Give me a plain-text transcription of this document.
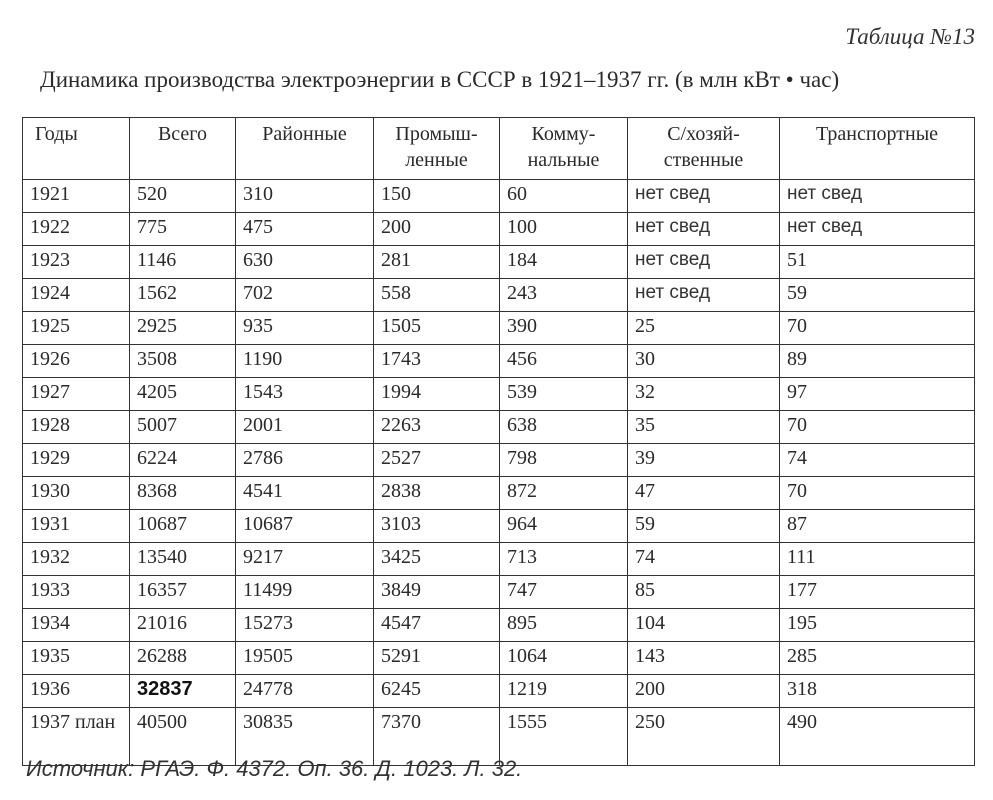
Таблица №13
Динамика производства электроэнергии в СССР в 1921–1937 гг. (в млн кВт • час)
Годы	Всего	Районные	Промыш-ленные	Комму-нальные	С/хозяй-ственные	Транспортные
1921	520	310	150	60	нет свед	нет свед
1922	775	475	200	100	нет свед	нет свед
1923	1146	630	281	184	нет свед	51
1924	1562	702	558	243	нет свед	59
1925	2925	935	1505	390	25	70
1926	3508	1190	1743	456	30	89
1927	4205	1543	1994	539	32	97
1928	5007	2001	2263	638	35	70
1929	6224	2786	2527	798	39	74
1930	8368	4541	2838	872	47	70
1931	10687	10687	3103	964	59	87
1932	13540	9217	3425	713	74	111
1933	16357	11499	3849	747	85	177
1934	21016	15273	4547	895	104	195
1935	26288	19505	5291	1064	143	285
1936	32837	24778	6245	1219	200	318
1937 план	40500	30835	7370	1555	250	490
Источник: РГАЭ. Ф. 4372. Оп. 36. Д. 1023. Л. 32.
